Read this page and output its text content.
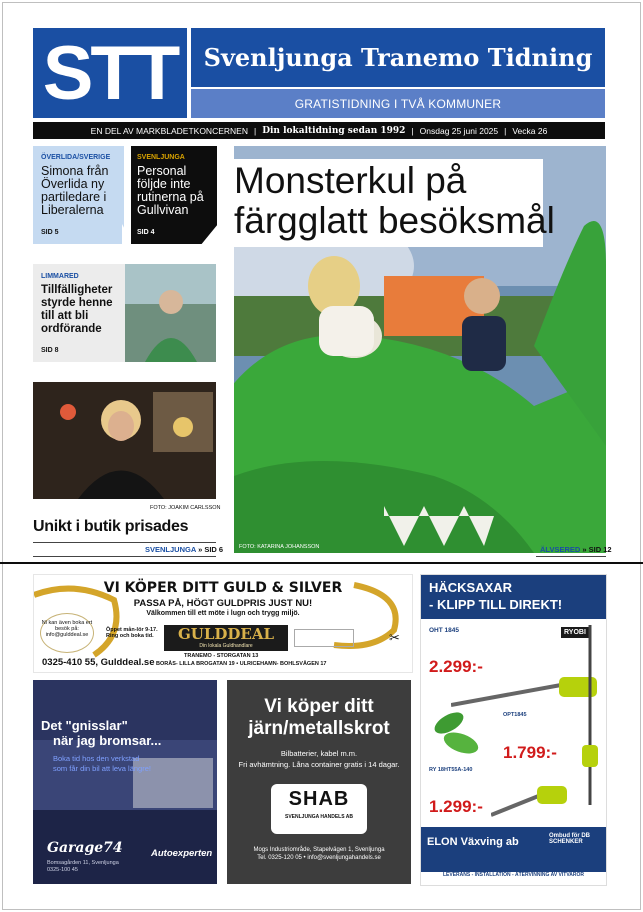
STT	Svenljunga Tranemo Tidning
GRATISTIDNING I TVÅ KOMMUNER
EN DEL AV MARKBLADETKONCERNEN | Din lokaltidning sedan 1992 | Onsdag 25 juni 2025 | Vecka 26
ÖVERLIDA/SVERIGE
Simona från Överlida ny partiledare i Liberalerna
SID 5
SVENLJUNGA
Personal följde inte rutinerna på Gullvivan
SID 4
Monsterkul på
färgglatt besöksmål
FOTO: KATARINA JOHANSSON	ÄLVSERED » SID 12
LIMMARED
Tillfälligheter styrde henne till att bli ordförande
SID 8
FOTO: JOAKIM CARLSSON
Unikt i butik prisades
SVENLJUNGA » SID 6
VI KÖPER DITT GULD & SILVER
PASSA PÅ, HÖGT GULDPRIS JUST NU!
Välkommen till ett möte i lugn och trygg miljö.
Ni kan även boka ert besök på: info@gulddeal.se
Öppet mån-lör 9-17. Ring och boka tid.	GULDDEAL
Din lokala Guldhandlare
✂
0325-410 55, Gulddeal.se
TRANEMO - STORGATAN 13
BORÅS- LILLA BROGATAN 19 • ULRICEHAMN- BOHLSVÄGEN 17
HÄCKSAXAR
- KLIPP TILL DIREKT!
RYOBI
OHT 1845
2.299:-
OPT1845
1.799:-
RY 18HT55A-140
1.299:-
ELON Växving ab	Ombud för DB SCHENKER
LEVERANS - INSTALLATION - ÅTERVINNING AV VITVAROR
Det "gnisslar"
när jag bromsar...
Boka tid hos den verkstad
som får din bil att leva längre!
Garage74
Bomsagården 11, Svenljunga
0325-100 45
Autoexperten
Vi köper ditt
järn/metallskrot
Bilbatterier, kabel m.m.
Fri avhämtning. Låna container gratis i 14 dagar.
SHAB
SVENLJUNGA HANDELS AB
Mogs Industriområde, Stapelvägen 1, Svenljunga
Tel. 0325-120 05 • info@svenljungahandels.se
